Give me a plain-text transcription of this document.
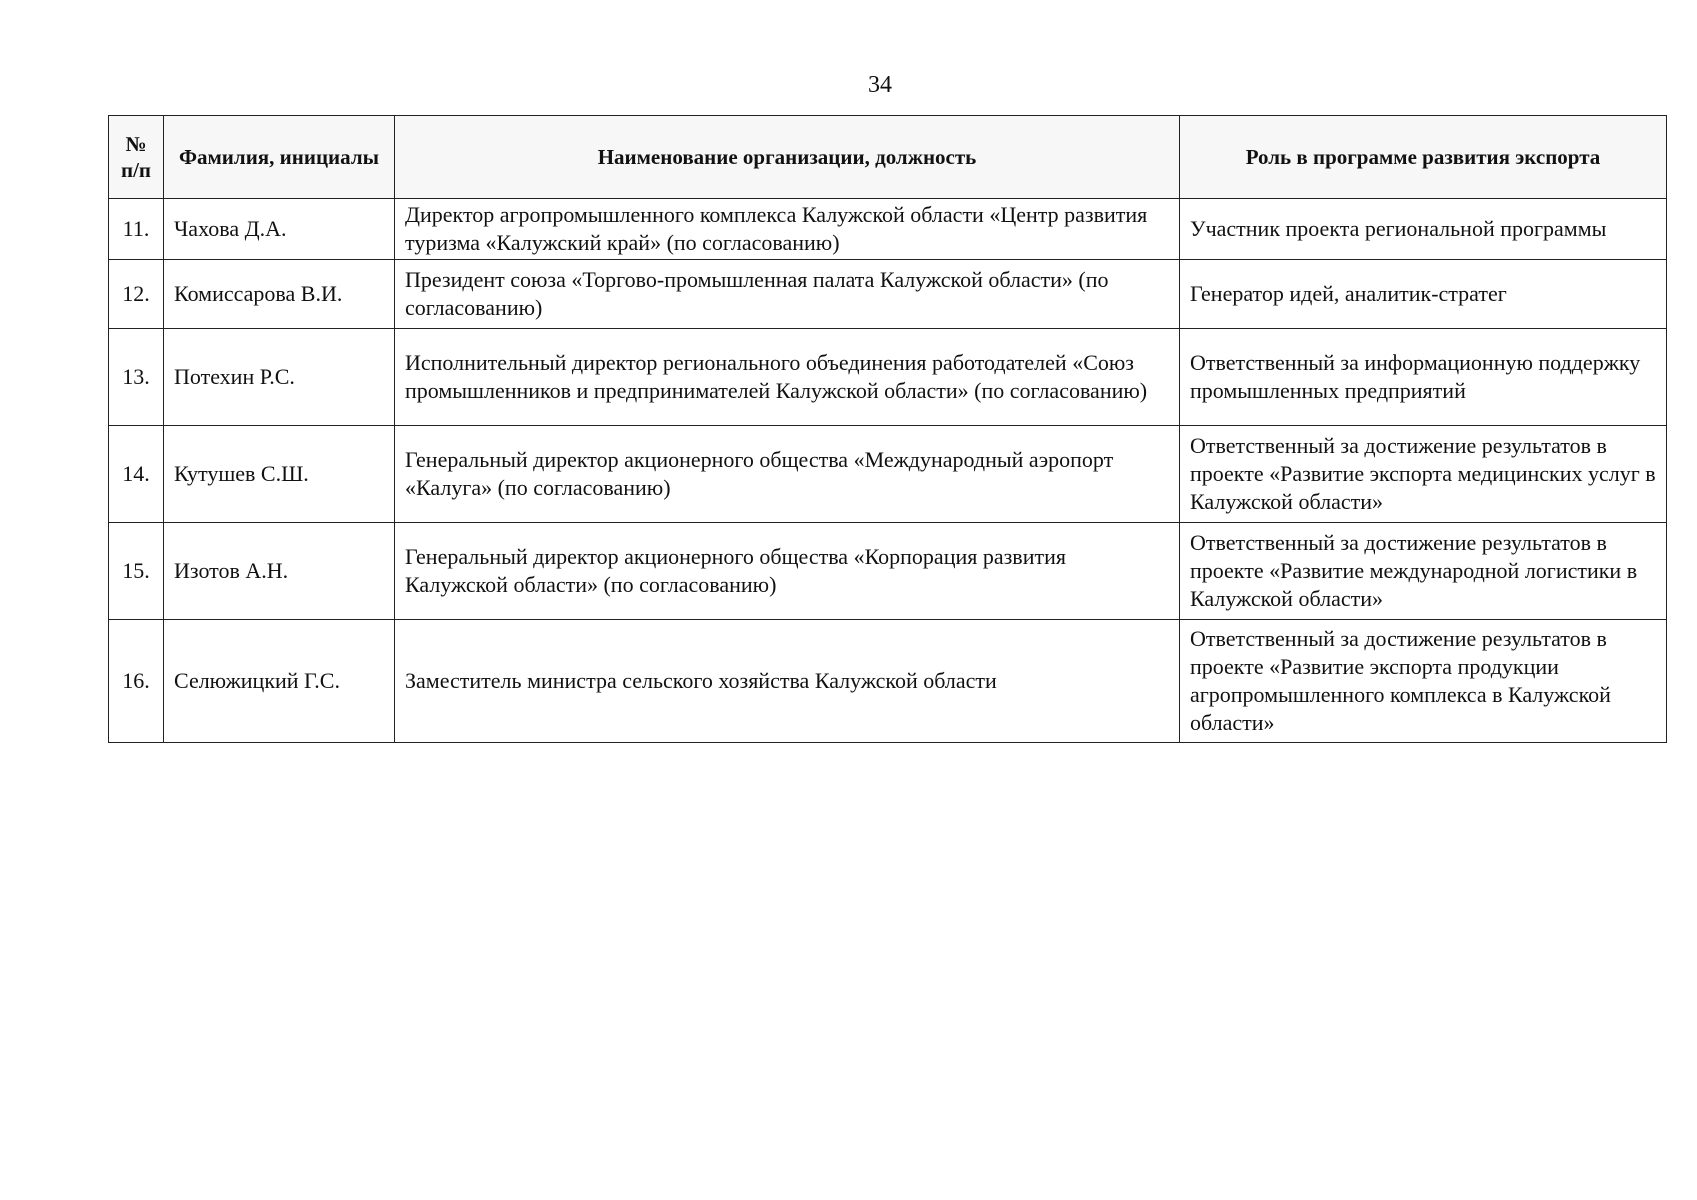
34
№ п/п	Фамилия, инициалы	Наименование организации, должность	Роль в программе развития экспорта
11.	Чахова Д.А.	Директор агропромышленного комплекса Калужской области «Центр развития туризма «Калужский край» (по согласованию)	Участник проекта региональной программы
12.	Комиссарова В.И.	Президент союза «Торгово-промышленная палата Калужской области» (по согласованию)	Генератор идей, аналитик-стратег
13.	Потехин Р.С.	Исполнительный директор регионального объединения работодателей «Союз промышленников и предпринимателей Калужской области» (по согласованию)	Ответственный за информационную поддержку промышленных предприятий
14.	Кутушев С.Ш.	Генеральный директор акционерного общества «Международный аэропорт «Калуга» (по согласованию)	Ответственный за достижение результатов в проекте «Развитие экспорта медицинских услуг в Калужской области»
15.	Изотов А.Н.	Генеральный директор акционерного общества «Корпорация развития Калужской области» (по согласованию)	Ответственный за достижение результатов в проекте «Развитие международной логистики в Калужской области»
16.	Селюжицкий Г.С.	Заместитель министра сельского хозяйства Калужской области	Ответственный за достижение результатов в проекте «Развитие экспорта продукции агропромышленного комплекса в Калужской области»
